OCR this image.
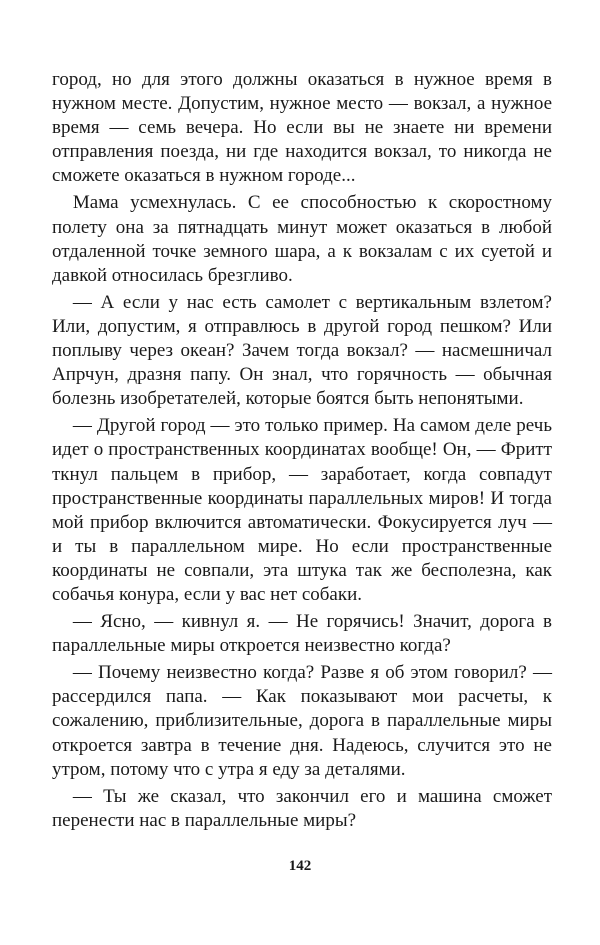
город, но для этого должны оказаться в нужное время в нужном месте. Допустим, нужное место — вокзал, а нужное время — семь вечера. Но если вы не знаете ни времени отправления поезда, ни где находится вокзал, то никогда не сможете оказаться в нужном городе...

Мама усмехнулась. С ее способностью к скоростному полету она за пятнадцать минут может оказаться в любой отдаленной точке земного шара, а к вокзалам с их суетой и давкой относилась брезгливо.

— А если у нас есть самолет с вертикальным взлетом? Или, допустим, я отправлюсь в другой город пешком? Или поплыву через океан? Зачем тогда вокзал? — насмешничал Апрчун, дразня папу. Он знал, что горячность — обычная болезнь изобретателей, которые боятся быть непонятыми.

— Другой город — это только пример. На самом деле речь идет о пространственных координатах вообще! Он, — Фритт ткнул пальцем в прибор, — заработает, когда совпадут пространственные координаты параллельных миров! И тогда мой прибор включится автоматически. Фокусируется луч — и ты в параллельном мире. Но если пространственные координаты не совпали, эта штука так же бесполезна, как собачья конура, если у вас нет собаки.

— Ясно, — кивнул я. — Не горячись! Значит, дорога в параллельные миры откроется неизвестно когда?

— Почему неизвестно когда? Разве я об этом говорил? — рассердился папа. — Как показывают мои расчеты, к сожалению, приблизительные, дорога в параллельные миры откроется завтра в течение дня. Надеюсь, случится это не утром, потому что с утра я еду за деталями.

— Ты же сказал, что закончил его и машина сможет перенести нас в параллельные миры?

142
